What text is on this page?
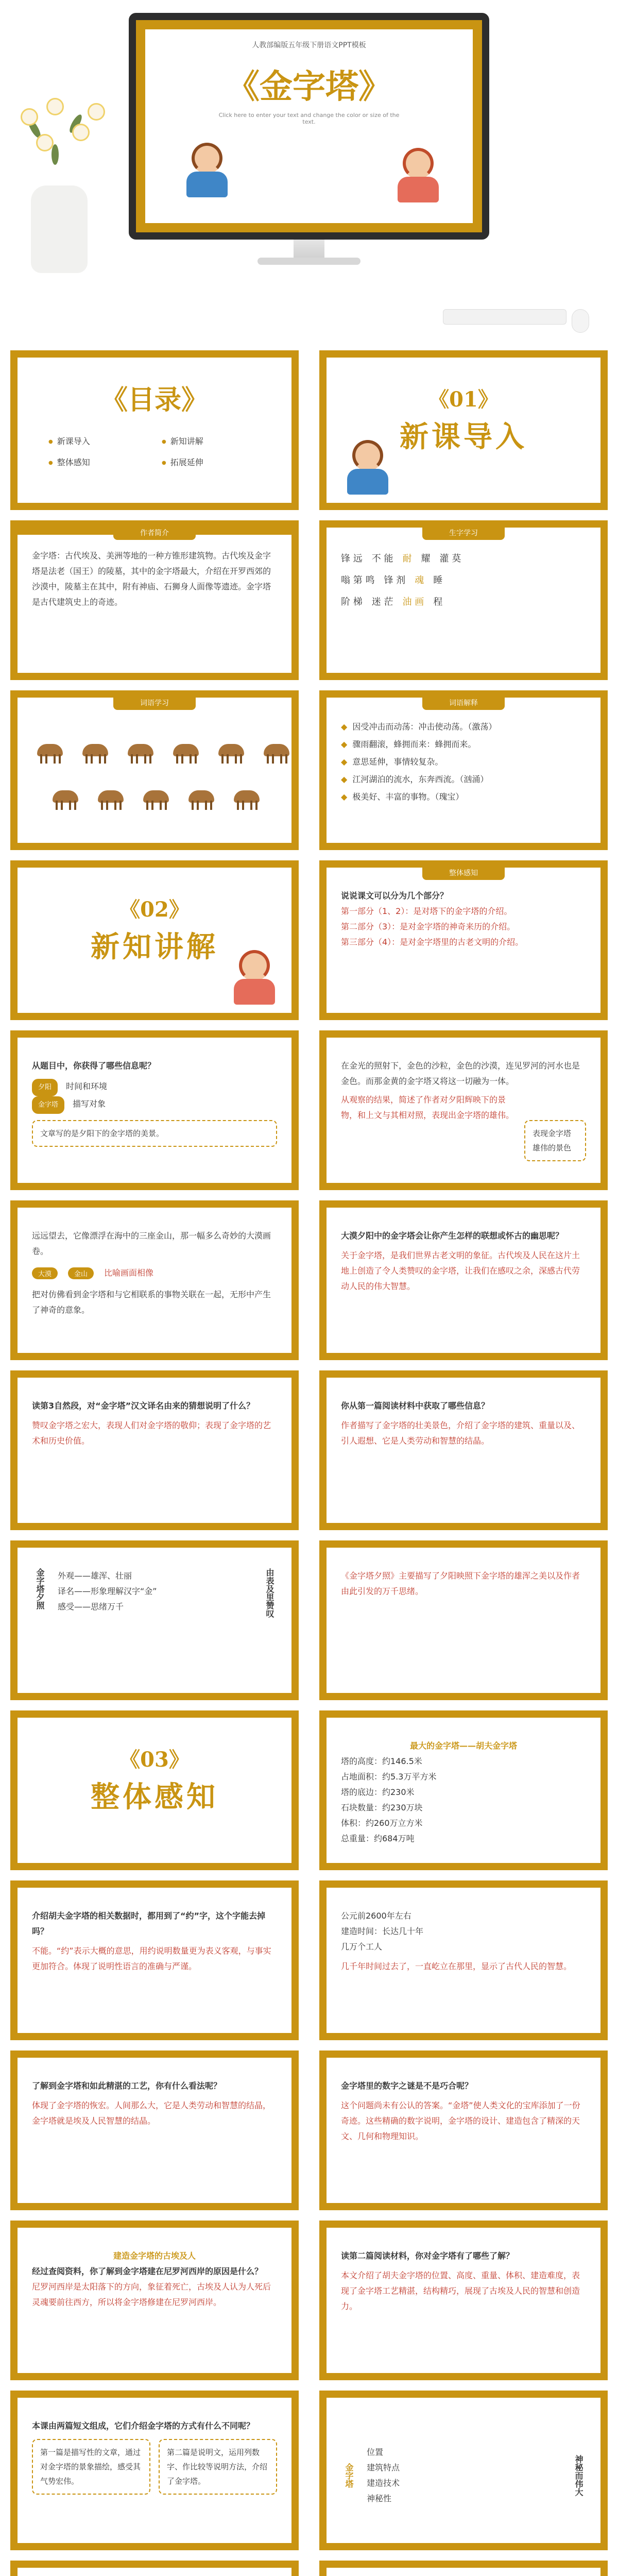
人教部编版五年级下册语文PPT模板
《金字塔》
Click here to enter your text and change the color or size of the text.
《目录》
● 新课导入	● 新知讲解
● 整体感知	● 拓展延伸
《01》
新课导入
作者简介
金字塔：古代埃及、美洲等地的一种方锥形建筑物。古代埃及金字塔是法老（国王）的陵墓，其中的金字塔最大，介绍在开罗西郊的沙漠中，陵墓主在其中，附有神庙、石狮身人面像等遗迹。金字塔是古代建筑史上的奇迹。
生字学习
锋 远　 不 能　 耐　 耀　 灌 莫
嗡 第 鸣　 锋 剂　 魂　 睡
阶 梯　 迷 茫　 油 画　 程
词语学习	词语解释
◆ 因受冲击而动荡：冲击使动荡。（激荡）
◆ 骤雨翻滚，蜂拥而来：蜂拥而来。
◆ 意思延伸，事情较复杂。
◆ 江河湖泊的流水，东奔西流。（汹涌）
◆ 极美好、丰富的事物。（瑰宝）
《02》
新知讲解
整体感知
说说课文可以分为几个部分？
第一部分（1、2）：是对塔下的金字塔的介绍。
第二部分（3）：是对金字塔的神奇来历的介绍。
第三部分（4）：是对金字塔里的古老文明的介绍。
从题目中，你获得了哪些信息呢？
夕阳　 时间和环境
金字塔　 描写对象
文章写的是夕阳下的金字塔的美景。
在金光的照射下，金色的沙粒，金色的沙漠，连见罗河的河水也是金色。而那金黄的金字塔又将这一切融为一体。
从观察的结果，简述了作者对夕阳辉映下的景物，和上文与其相对照，表现出金字塔的雄伟。
表现金字塔雄伟的景色
远远望去，它像漂浮在海中的三座金山，那一幅多么奇妙的大漠画卷。
大漠	金山	比喻画面相像
把对仿佛看到金字塔和与它相联系的事物关联在一起，无形中产生了神奇的意象。
大漠夕阳中的金字塔会让你产生怎样的联想或怀古的幽思呢？
关于金字塔，是我们世界古老文明的象征。古代埃及人民在这片土地上创造了令人类赞叹的金字塔，让我们在感叹之余，深感古代劳动人民的伟大智慧。
读第3自然段，对“金字塔”汉文译名由来的猜想说明了什么？
赞叹金字塔之宏大，表现人们对金字塔的敬仰；表现了金字塔的艺术和历史价值。
你从第一篇阅读材料中获取了哪些信息？
作者描写了金字塔的壮美景色，介绍了金字塔的建筑、重量以及、引人遐想、它是人类劳动和智慧的结晶。
金字塔夕照	外观——雄浑、壮丽
译名——形象理解汉字“金”
感受——思绪万千	由表及里赞叹	《金字塔夕照》主要描写了夕阳映照下金字塔的雄浑之美以及作者由此引发的万千思绪。
《03》
整体感知
最大的金字塔——胡夫金字塔
塔的高度：约146.5米
占地面积：约5.3万平方米
塔的底边：约230米
石块数量：约230万块
体积：约260万立方米
总重量：约684万吨
介绍胡夫金字塔的相关数据时，都用到了“约”字，这个字能去掉吗？
不能。“约”表示大概的意思，用约说明数量更为表义客观，与事实更加符合。体现了说明性语言的准确与严谨。
公元前2600年左右
建造时间：长达几十年
几万个工人
几千年时间过去了，一直屹立在那里，显示了古代人民的智慧。
了解到金字塔和如此精湛的工艺，你有什么看法呢？
体现了金字塔的恢宏。人间那么大，它是人类劳动和智慧的结晶，金字塔就是埃及人民智慧的结晶。
金字塔里的数字之谜是不是巧合呢？
这个问题尚未有公认的答案。“金塔”使人类文化的宝库添加了一份奇迹。这些精确的数字说明，金字塔的设计、建造包含了精深的天文、几何和物理知识。
建造金字塔的古埃及人
经过查阅资料，你了解到金字塔建在尼罗河西岸的原因是什么？
尼罗河西岸是太阳落下的方向，象征着死亡，古埃及人认为人死后灵魂要前往西方，所以将金字塔修建在尼罗河西岸。
读第二篇阅读材料，你对金字塔有了哪些了解？
本文介绍了胡夫金字塔的位置、高度、重量、体积、建造难度，表现了金字塔工艺精湛，结构精巧，展现了古埃及人民的智慧和创造力。
本课由两篇短文组成，它们介绍金字塔的方式有什么不同呢？
第一篇是描写性的文章，通过对金字塔的景象描绘，感受其气势宏伟。
第二篇是说明文，运用列数字、作比较等说明方法，介绍了金字塔。	金字塔
位置
建筑特点
建造技术
神秘性
神秘而伟大
